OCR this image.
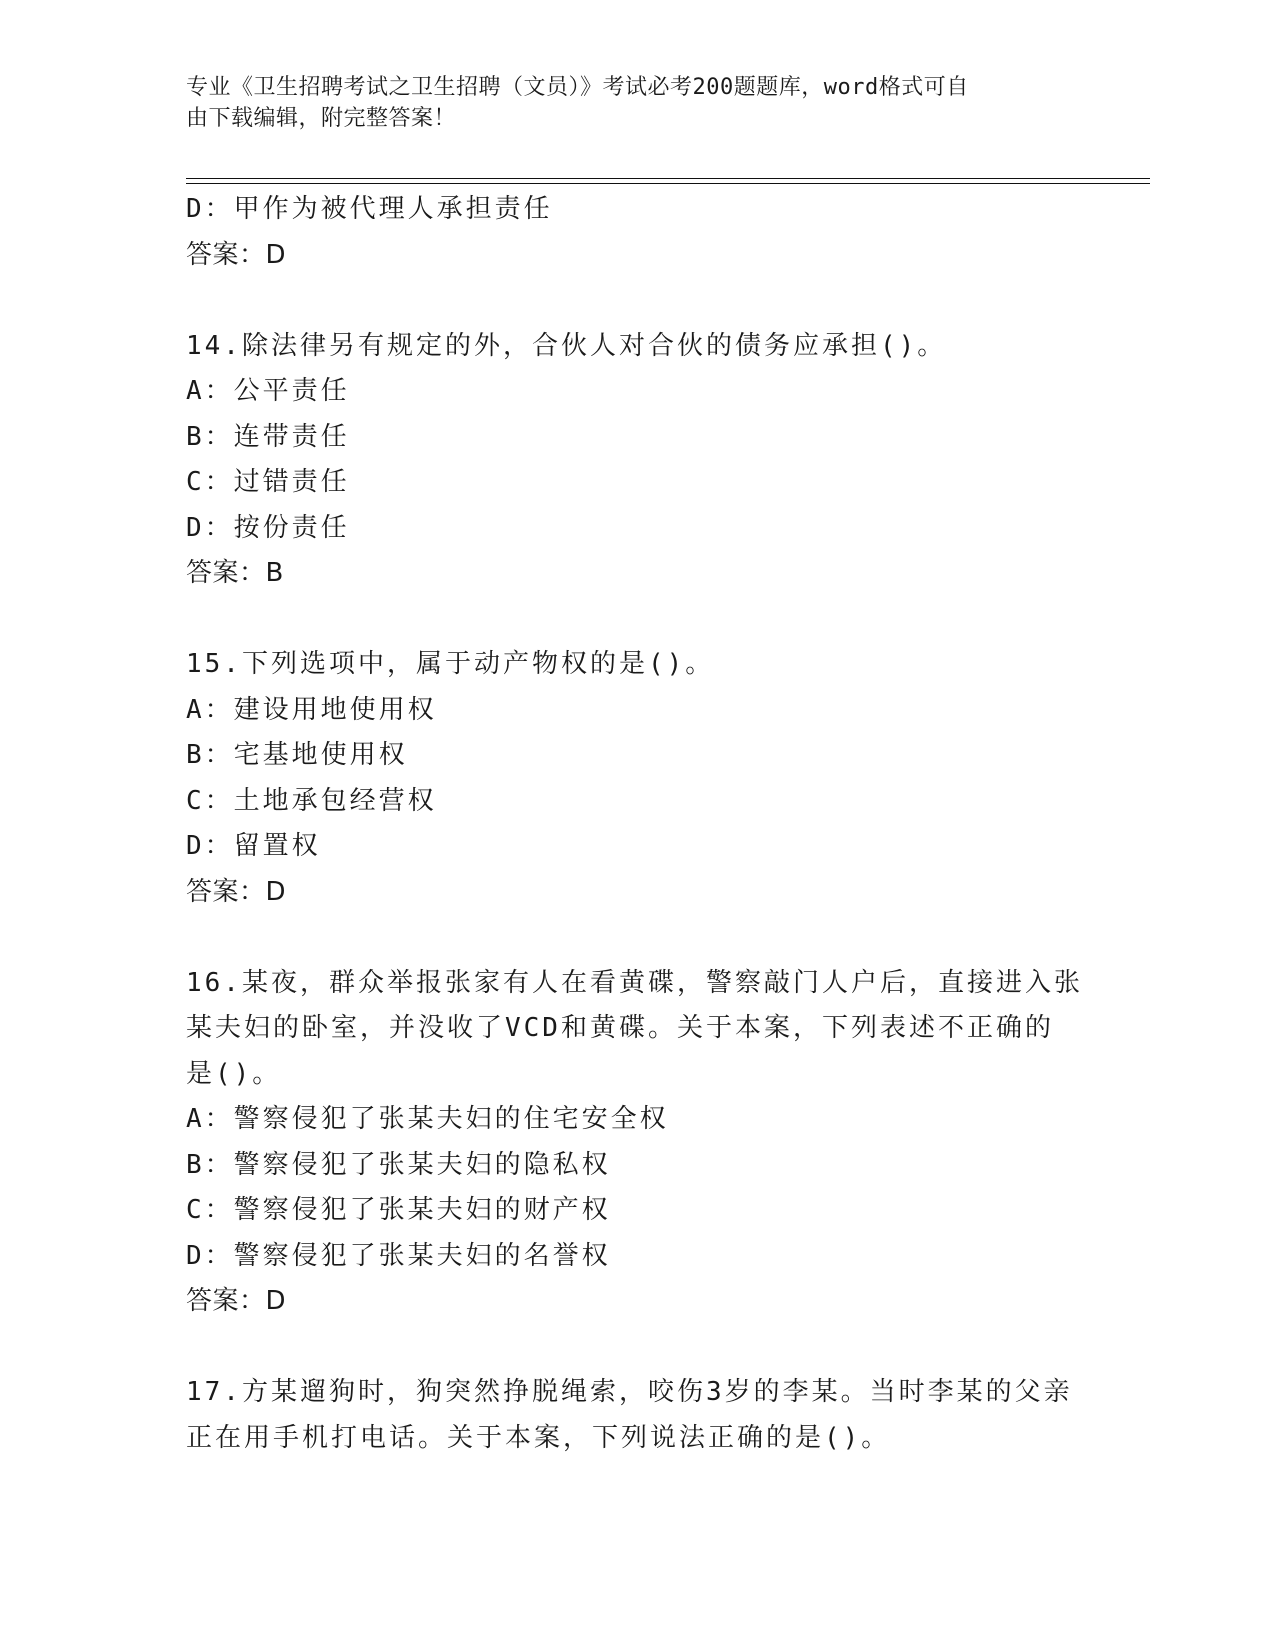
专业《卫生招聘考试之卫生招聘（文员）》考试必考200题题库，word格式可自
由下载编辑，附完整答案！
D：甲作为被代理人承担责任
答案：D
14.除法律另有规定的外，合伙人对合伙的债务应承担()。
A：公平责任
B：连带责任
C：过错责任
D：按份责任
答案：B
15.下列选项中，属于动产物权的是()。
A：建设用地使用权
B：宅基地使用权
C：土地承包经营权
D：留置权
答案：D
16.某夜，群众举报张家有人在看黄碟，警察敲门人户后，直接进入张
某夫妇的卧室，并没收了VCD和黄碟。关于本案，下列表述不正确的
是()。
A：警察侵犯了张某夫妇的住宅安全权
B：警察侵犯了张某夫妇的隐私权
C：警察侵犯了张某夫妇的财产权
D：警察侵犯了张某夫妇的名誉权
答案：D
17.方某遛狗时，狗突然挣脱绳索，咬伤3岁的李某。当时李某的父亲
正在用手机打电话。关于本案，下列说法正确的是()。
